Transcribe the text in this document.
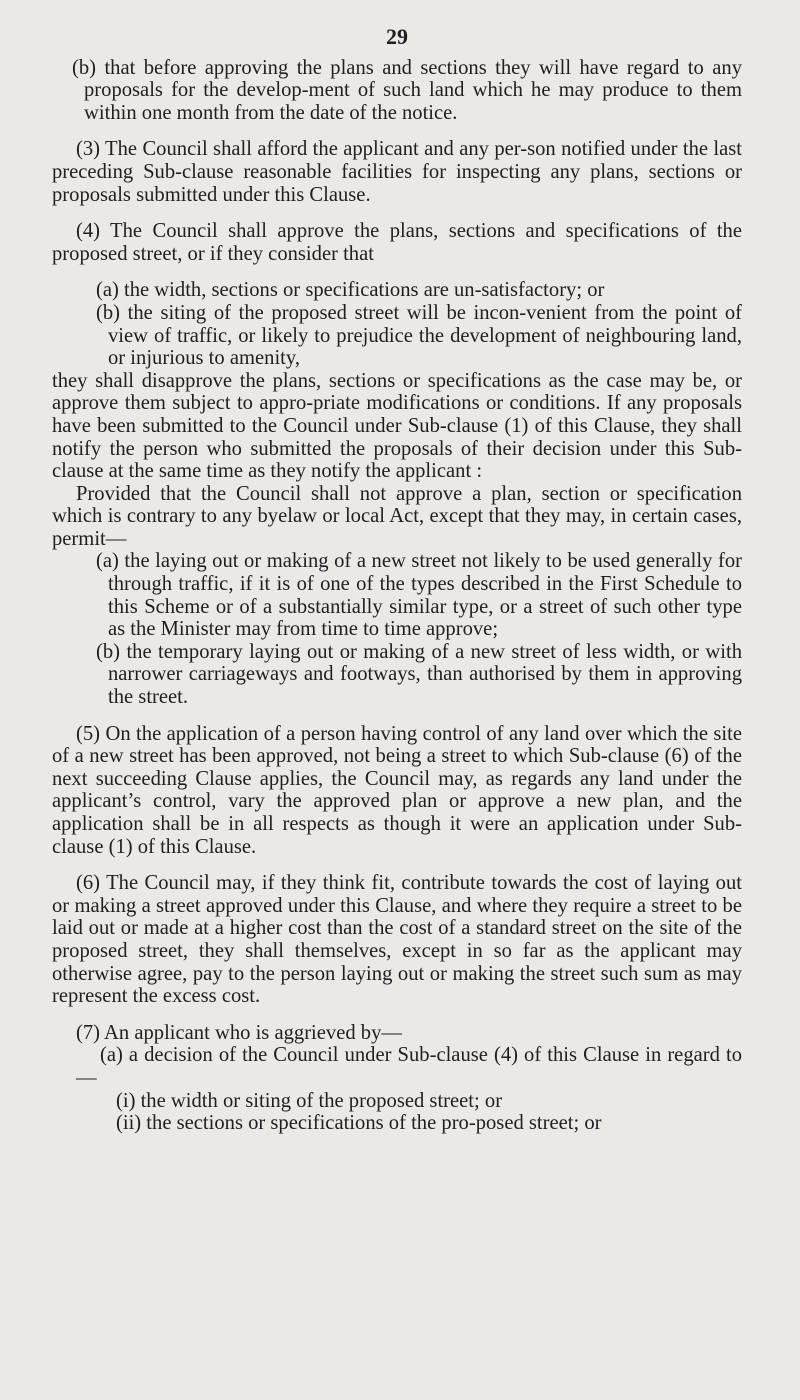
29

(b) that before approving the plans and sections they will have regard to any proposals for the develop-ment of such land which he may produce to them within one month from the date of the notice.

(3) The Council shall afford the applicant and any per-son notified under the last preceding Sub-clause reasonable facilities for inspecting any plans, sections or proposals submitted under this Clause.

(4) The Council shall approve the plans, sections and specifications of the proposed street, or if they consider that

(a) the width, sections or specifications are un-satisfactory; or

(b) the siting of the proposed street will be incon-venient from the point of view of traffic, or likely to prejudice the development of neighbouring land, or injurious to amenity,

they shall disapprove the plans, sections or specifications as the case may be, or approve them subject to appro-priate modifications or conditions. If any proposals have been submitted to the Council under Sub-clause (1) of this Clause, they shall notify the person who submitted the proposals of their decision under this Sub-clause at the same time as they notify the applicant :

Provided that the Council shall not approve a plan, section or specification which is contrary to any byelaw or local Act, except that they may, in certain cases, permit—

(a) the laying out or making of a new street not likely to be used generally for through traffic, if it is of one of the types described in the First Schedule to this Scheme or of a substantially similar type, or a street of such other type as the Minister may from time to time approve;

(b) the temporary laying out or making of a new street of less width, or with narrower carriageways and footways, than authorised by them in approving the street.

(5) On the application of a person having control of any land over which the site of a new street has been approved, not being a street to which Sub-clause (6) of the next succeeding Clause applies, the Council may, as regards any land under the applicant’s control, vary the approved plan or approve a new plan, and the application shall be in all respects as though it were an application under Sub-clause (1) of this Clause.

(6) The Council may, if they think fit, contribute towards the cost of laying out or making a street approved under this Clause, and where they require a street to be laid out or made at a higher cost than the cost of a standard street on the site of the proposed street, they shall themselves, except in so far as the applicant may otherwise agree, pay to the person laying out or making the street such sum as may represent the excess cost.

(7) An applicant who is aggrieved by—

(a) a decision of the Council under Sub-clause (4) of this Clause in regard to—

(i) the width or siting of the proposed street; or

(ii) the sections or specifications of the pro-posed street; or
